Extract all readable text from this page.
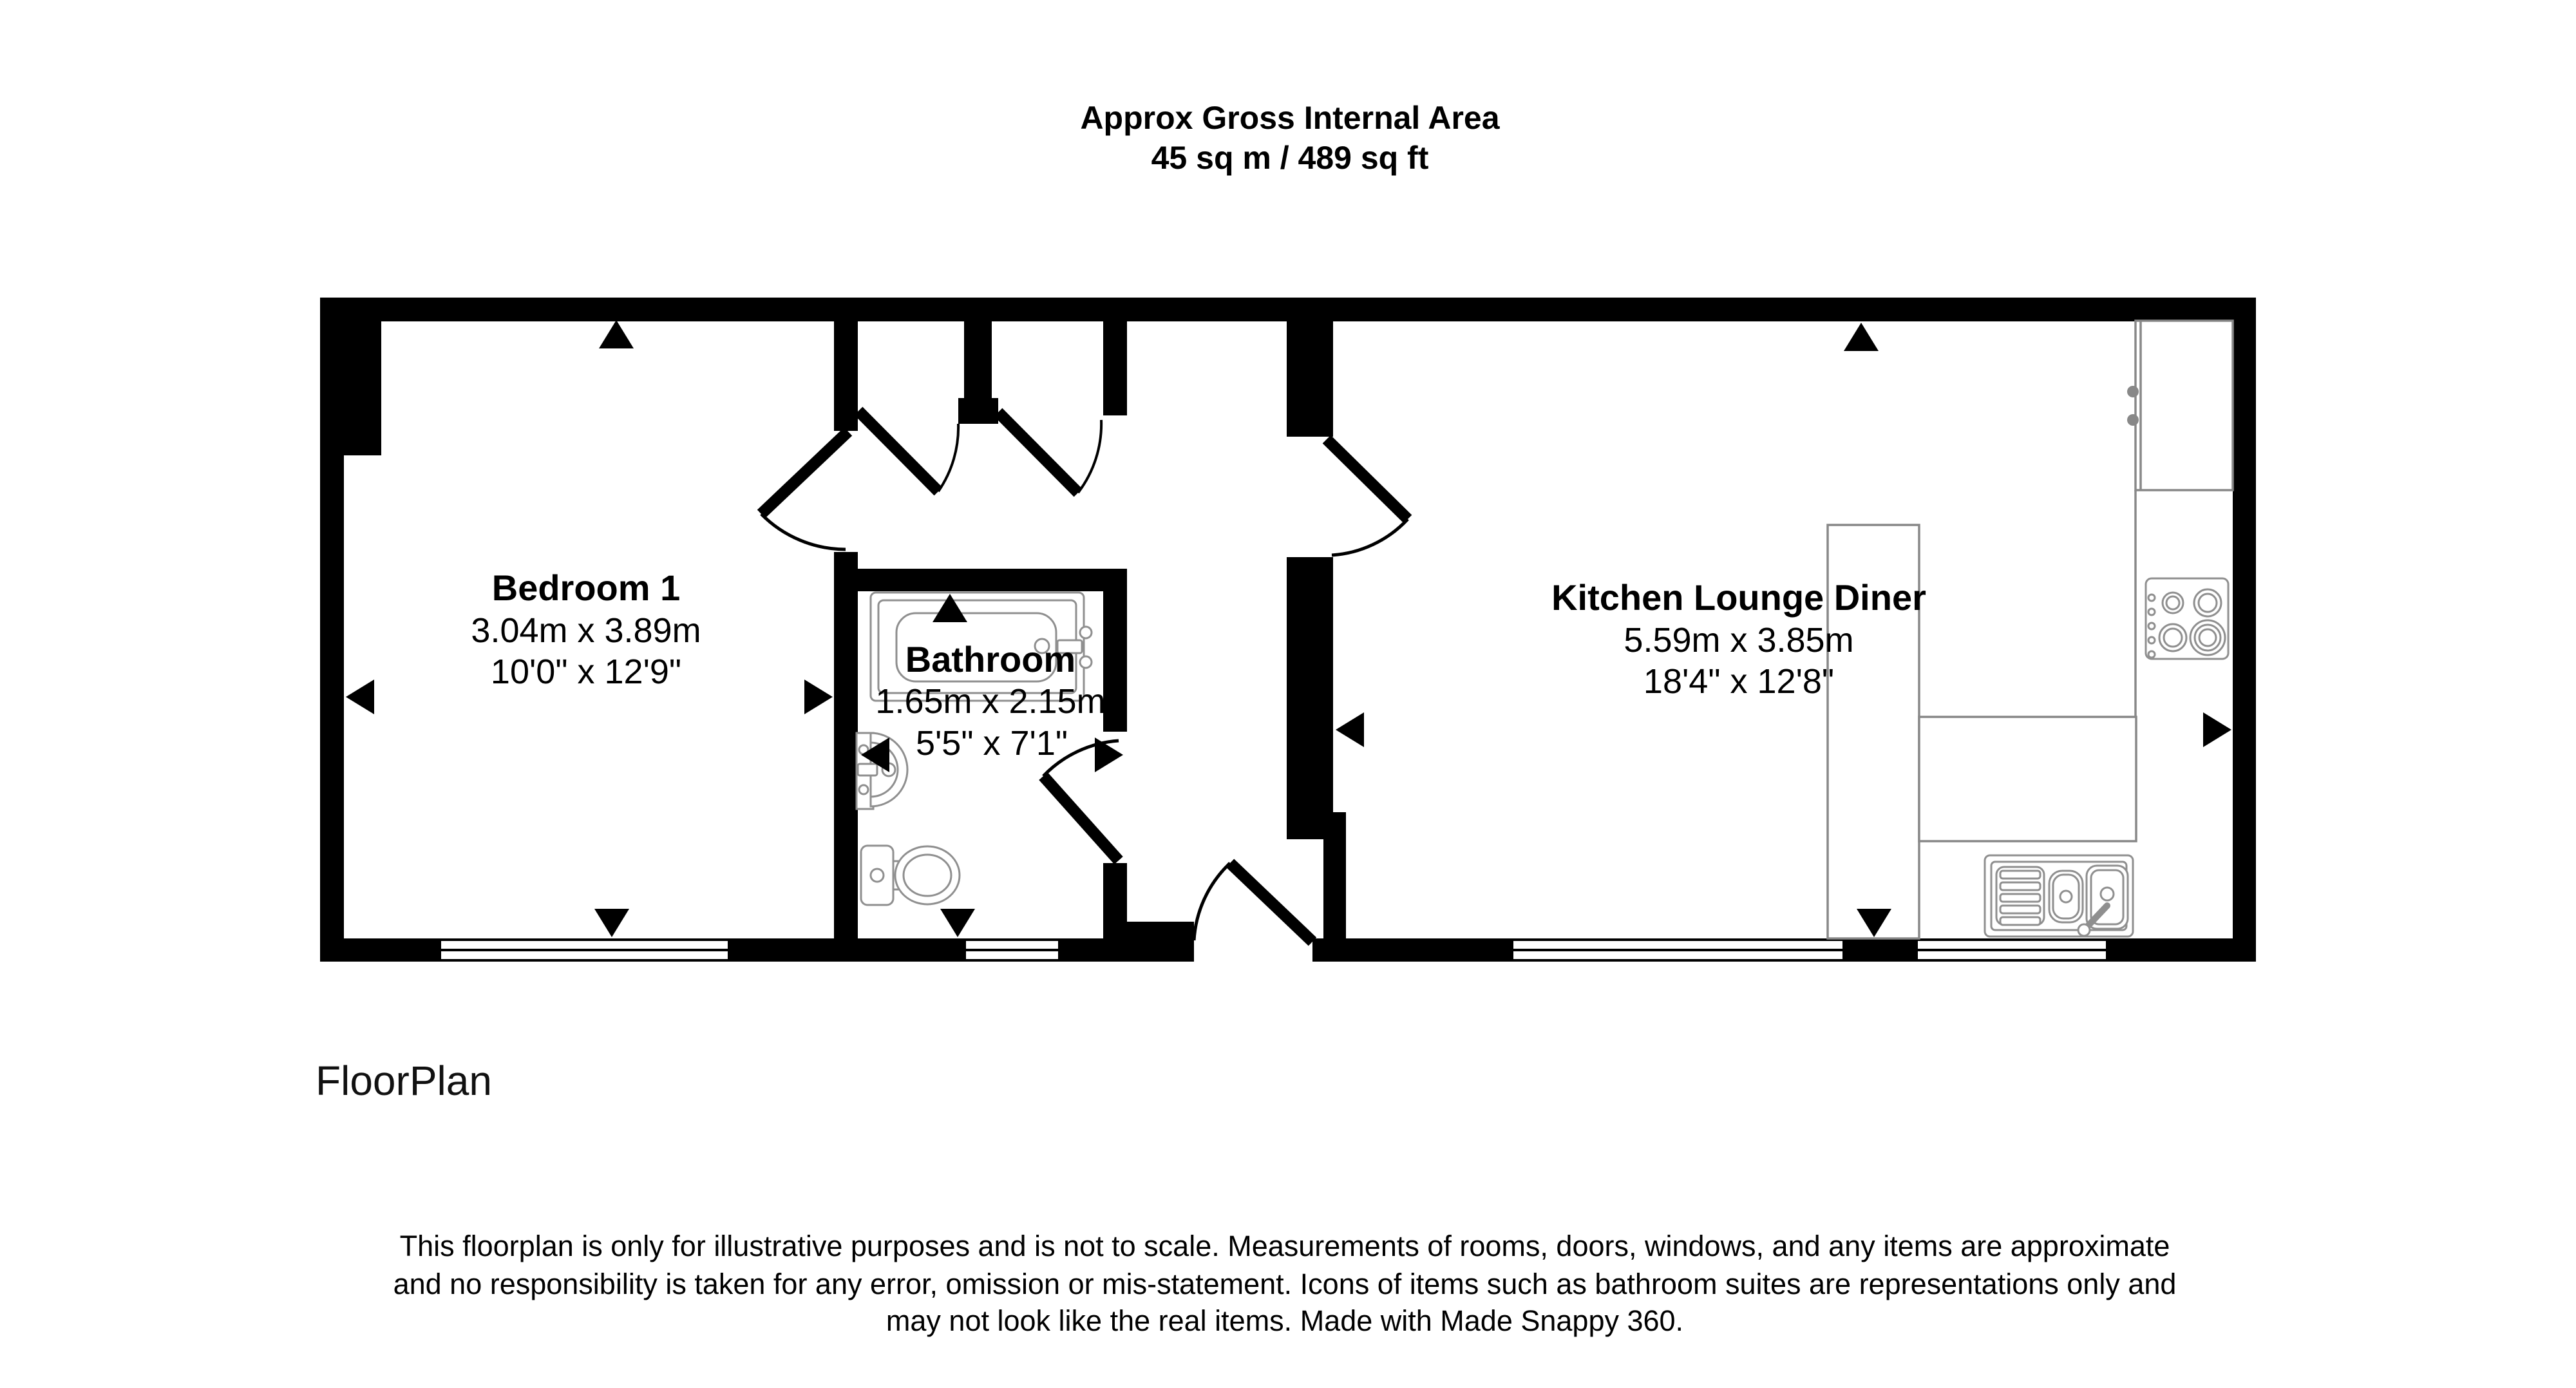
Approx Gross Internal Area
45 sq m / 489 sq ft
Bedroom 1
3.04m x 3.89m
10'0" x 12'9"	Bathroom
1.65m x 2.15m
5'5" x 7'1"
Kitchen Lounge Diner
5.59m x 3.85m
18'4" x 12'8"
FloorPlan
This floorplan is only for illustrative purposes and is not to scale. Measurements of rooms, doors, windows, and any items are approximate
and no responsibility is taken for any error, omission or mis-statement. Icons of items such as bathroom suites are representations only and
may not look like the real items. Made with Made Snappy 360.
